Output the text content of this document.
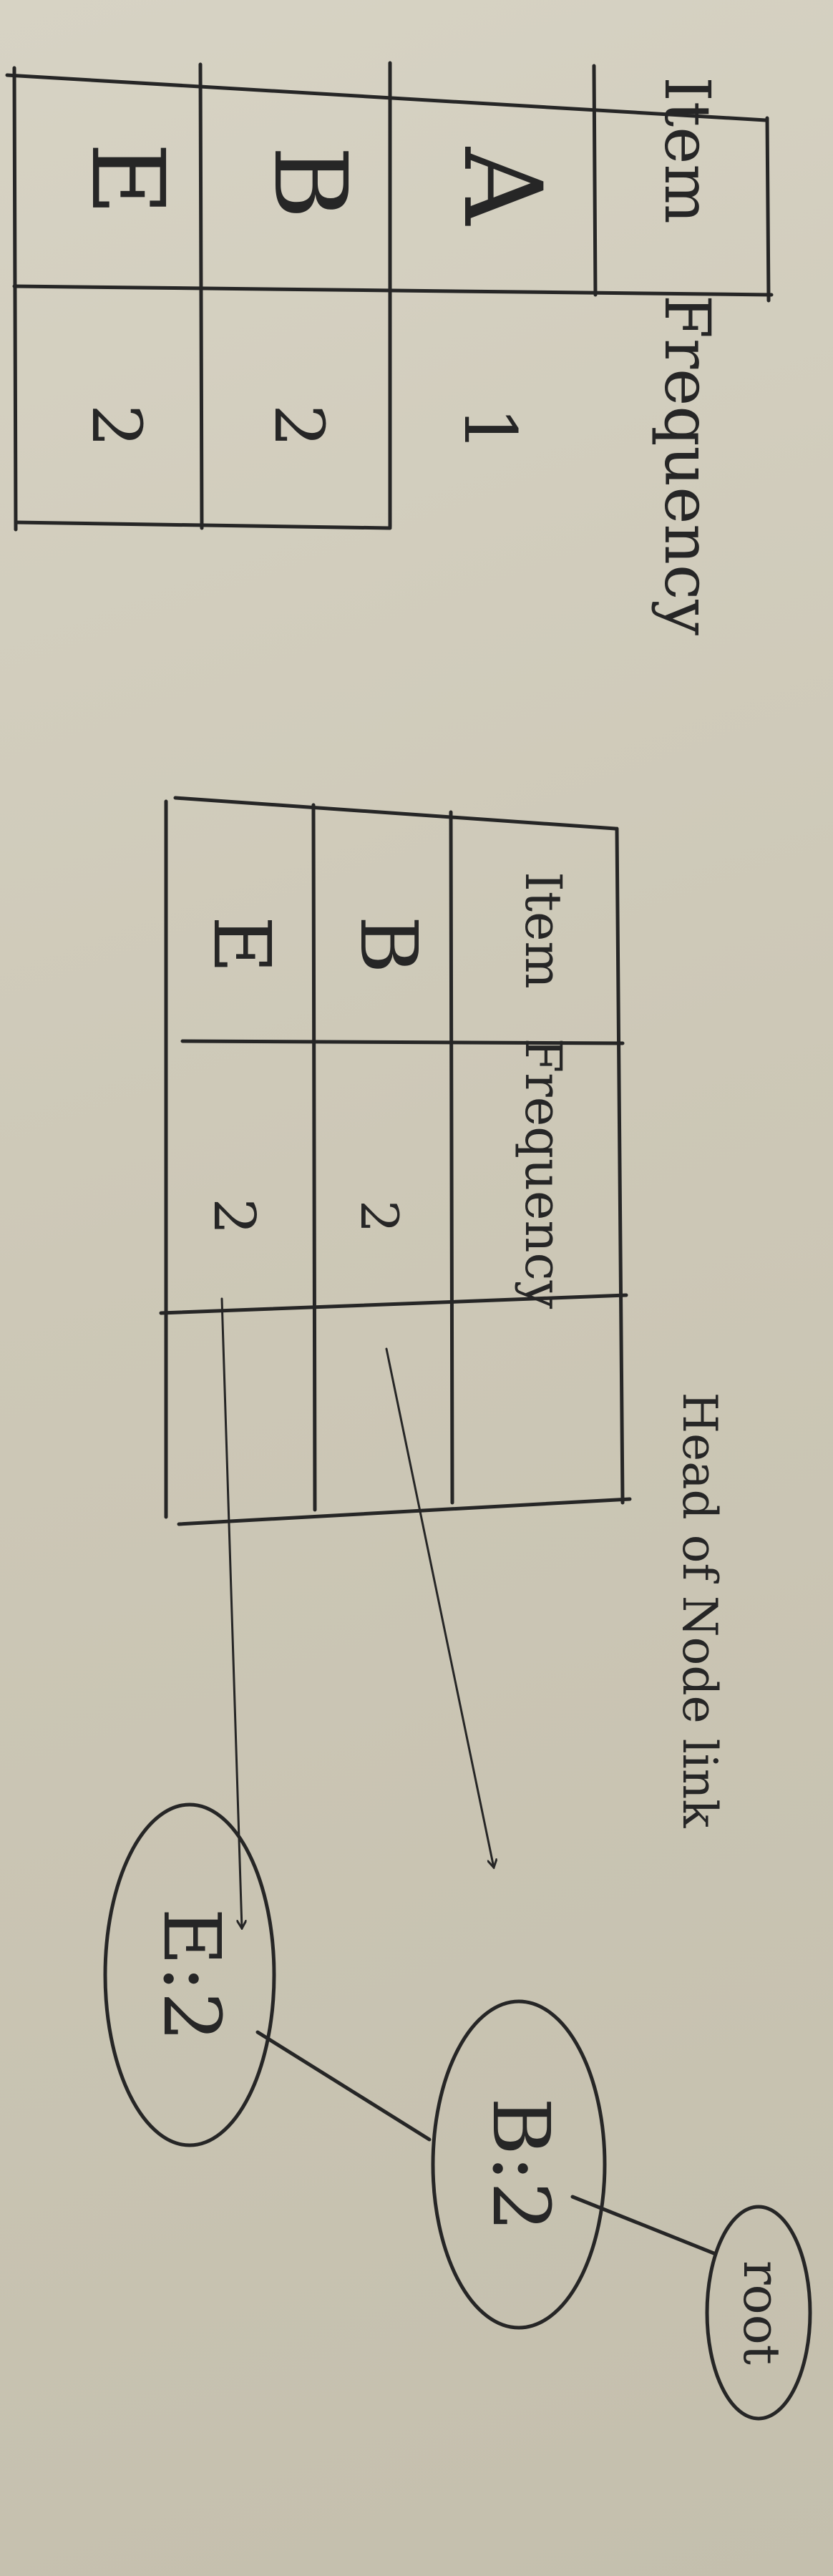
Item
Frequency
A
1
B
2
E
2
Item
Frequency
B
2
E
2
Head of Node link
root
B:2
E:2
